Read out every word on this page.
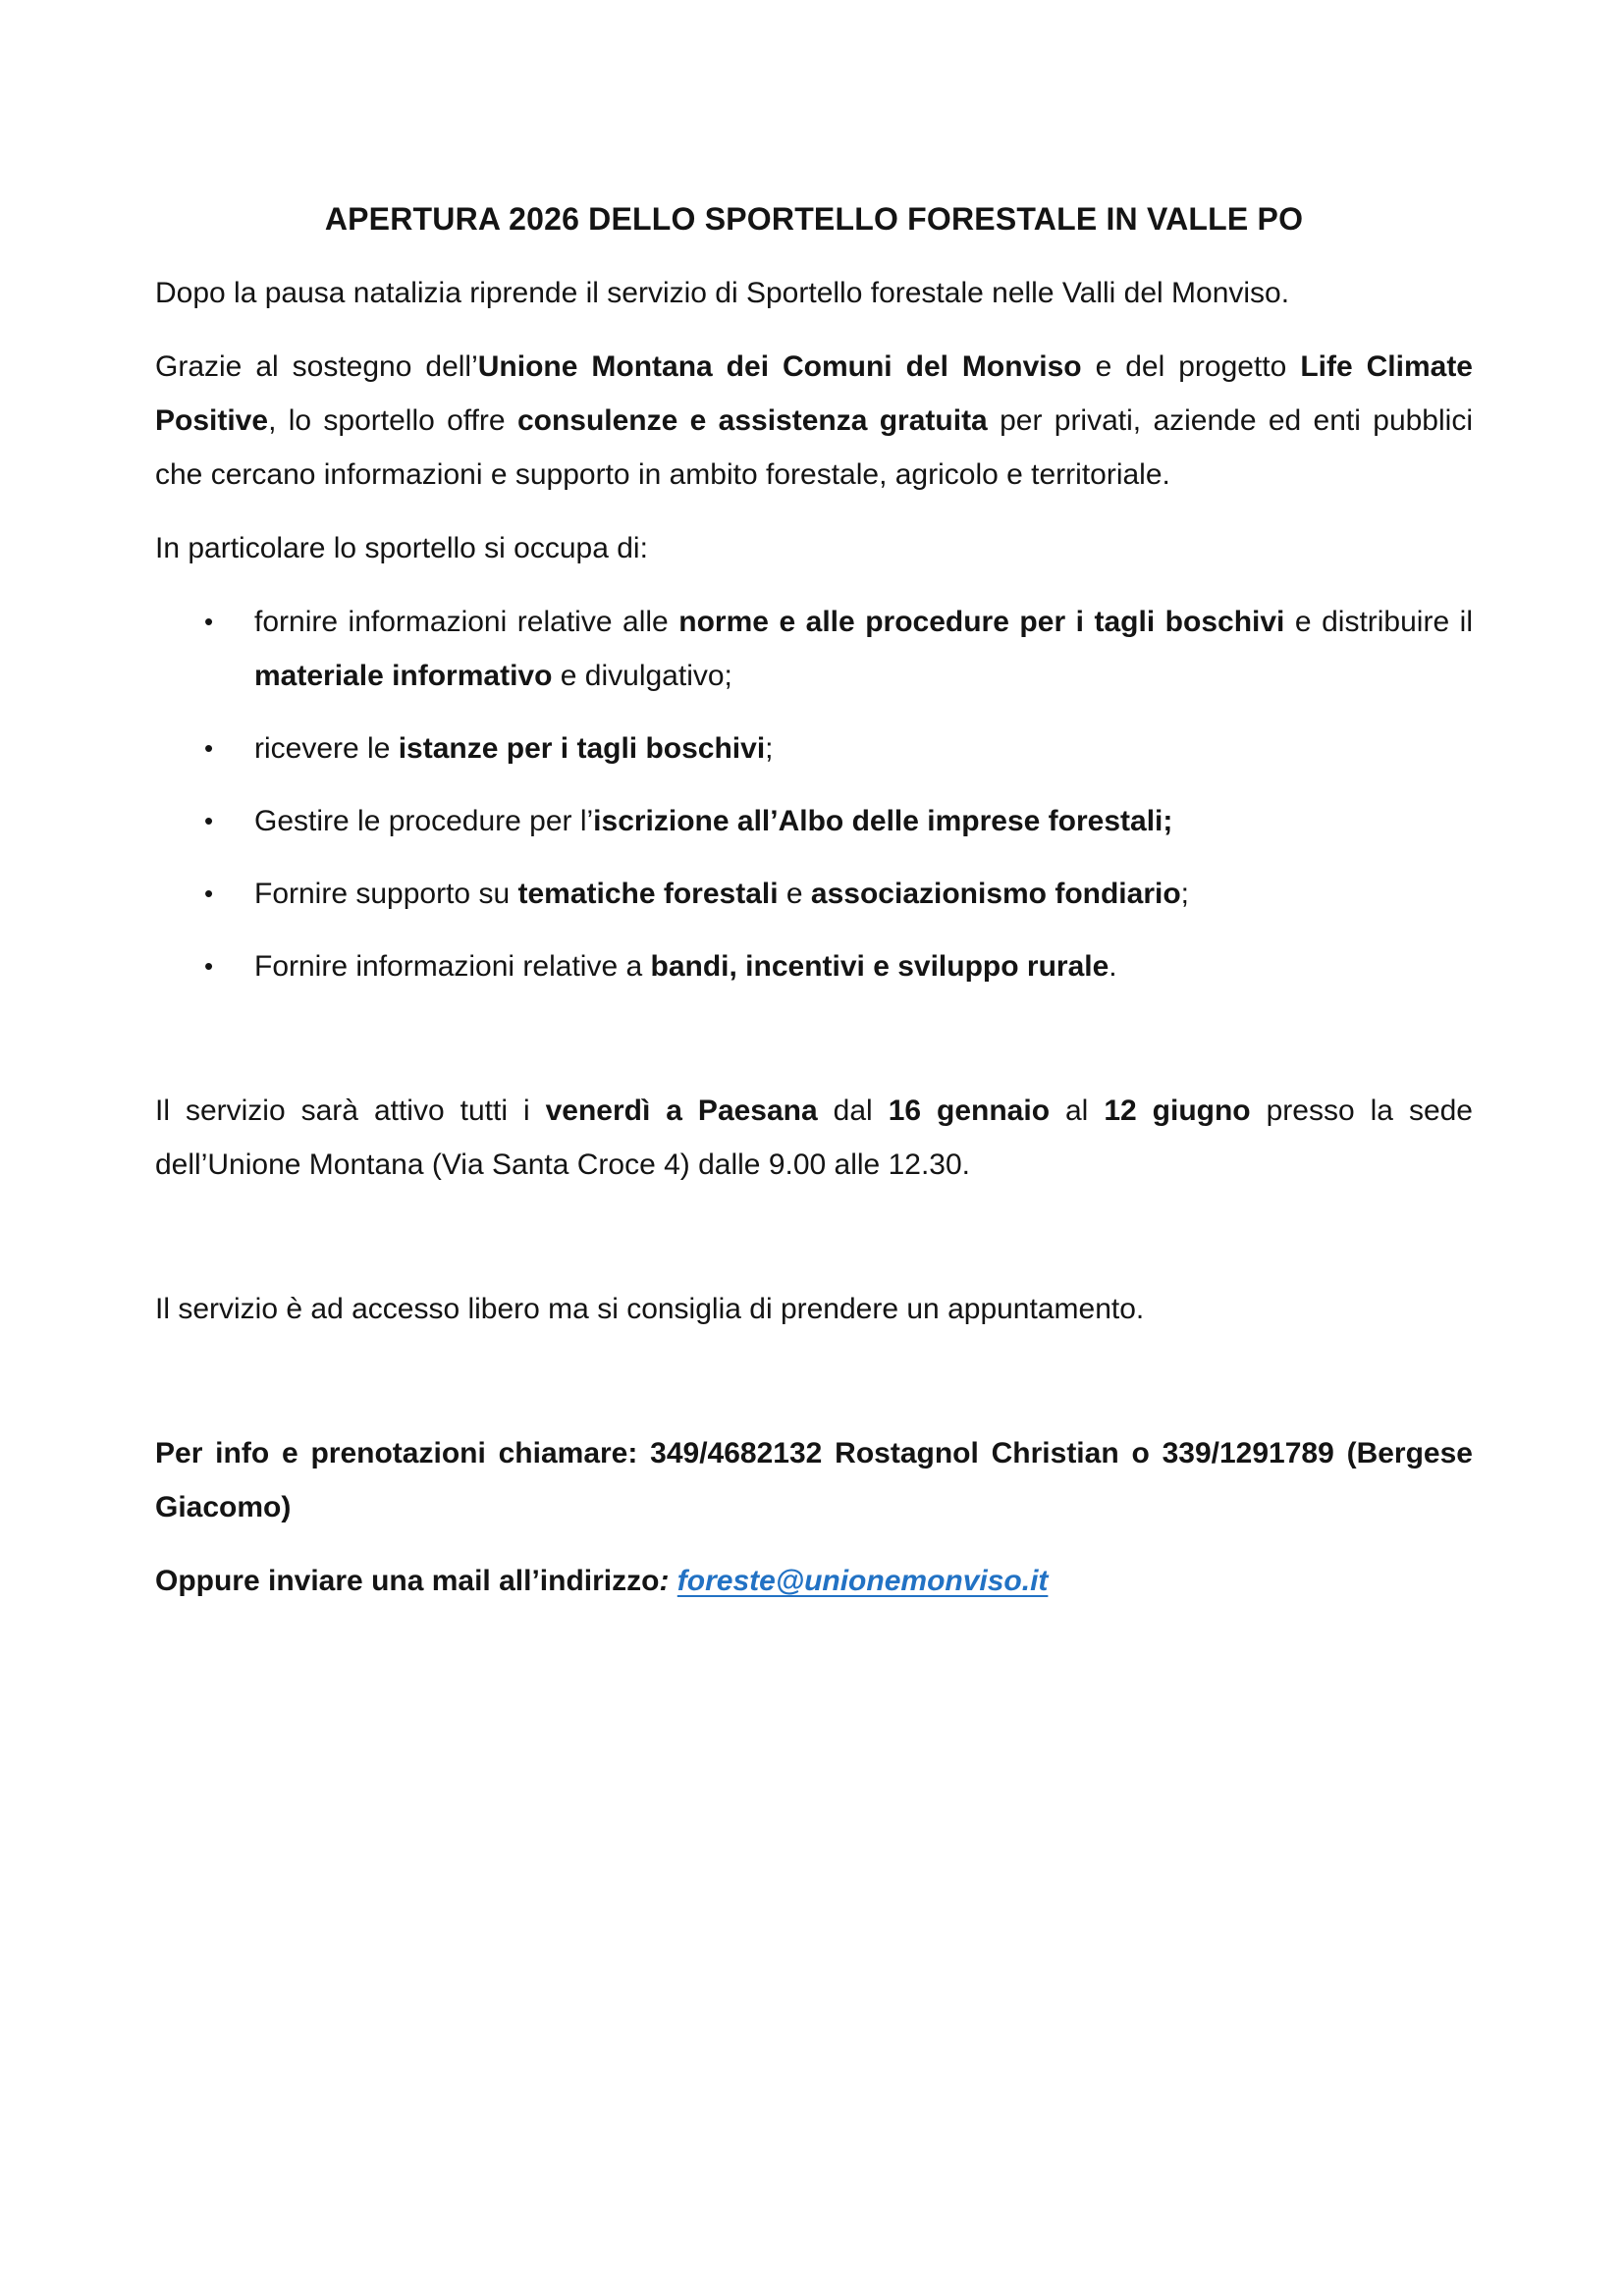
APERTURA 2026 DELLO SPORTELLO FORESTALE IN VALLE PO

Dopo la pausa natalizia riprende il servizio di Sportello forestale nelle Valli del Monviso.

Grazie al sostegno dell’Unione Montana dei Comuni del Monviso e del progetto Life Climate Positive, lo sportello offre consulenze e assistenza gratuita per privati, aziende ed enti pubblici che cercano informazioni e supporto in ambito forestale, agricolo e territoriale.

In particolare lo sportello si occupa di:

• fornire informazioni relative alle norme e alle procedure per i tagli boschivi e distribuire il materiale informativo e divulgativo;
• ricevere le istanze per i tagli boschivi;
• Gestire le procedure per l’iscrizione all’Albo delle imprese forestali;
• Fornire supporto su tematiche forestali e associazionismo fondiario;
• Fornire informazioni relative a bandi, incentivi e sviluppo rurale.

Il servizio sarà attivo tutti i venerdì a Paesana dal 16 gennaio al 12 giugno presso la sede dell’Unione Montana (Via Santa Croce 4) dalle 9.00 alle 12.30.

Il servizio è ad accesso libero ma si consiglia di prendere un appuntamento.

Per info e prenotazioni chiamare: 349/4682132 Rostagnol Christian o 339/1291789 (Bergese Giacomo)

Oppure inviare una mail all’indirizzo: foreste@unionemonviso.it
